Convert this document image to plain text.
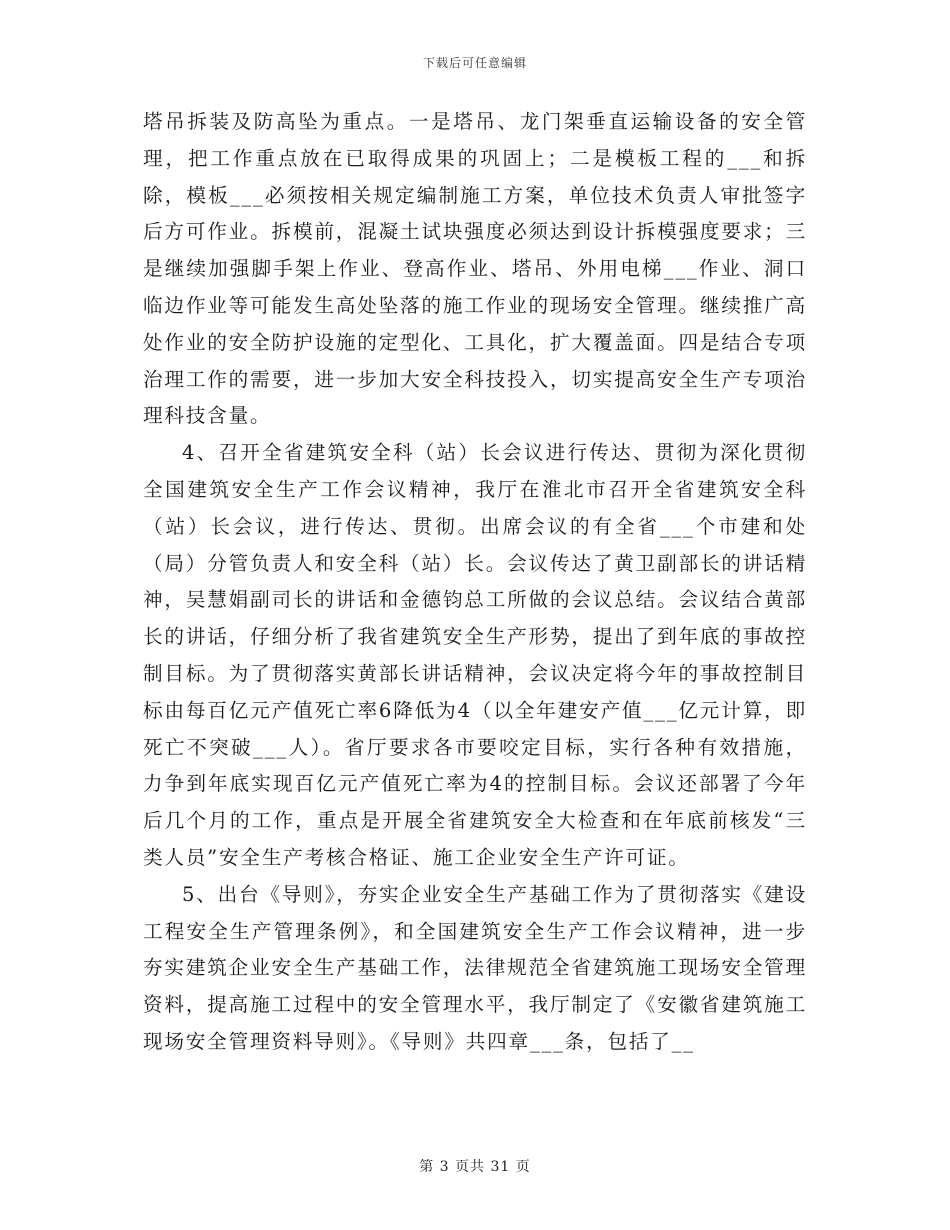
下载后可任意编辑

塔吊拆装及防高坠为重点。一是塔吊、龙门架垂直运输设备的安全管理，把工作重点放在已取得成果的巩固上；二是模板工程的___和拆除，模板___必须按相关规定编制施工方案，单位技术负责人审批签字后方可作业。拆模前，混凝土试块强度必须达到设计拆模强度要求；三是继续加强脚手架上作业、登高作业、塔吊、外用电梯___作业、洞口临边作业等可能发生高处坠落的施工作业的现场安全管理。继续推广高处作业的安全防护设施的定型化、工具化，扩大覆盖面。四是结合专项治理工作的需要，进一步加大安全科技投入，切实提高安全生产专项治理科技含量。

4、召开全省建筑安全科（站）长会议进行传达、贯彻为深化贯彻全国建筑安全生产工作会议精神，我厅在淮北市召开全省建筑安全科（站）长会议，进行传达、贯彻。出席会议的有全省___个市建和处（局）分管负责人和安全科（站）长。会议传达了黄卫副部长的讲话精神，吴慧娟副司长的讲话和金德钧总工所做的会议总结。会议结合黄部长的讲话，仔细分析了我省建筑安全生产形势，提出了到年底的事故控制目标。为了贯彻落实黄部长讲话精神，会议决定将今年的事故控制目标由每百亿元产值死亡率6降低为4（以全年建安产值___亿元计算，即死亡不突破___人）。省厅要求各市要咬定目标，实行各种有效措施，力争到年底实现百亿元产值死亡率为4的控制目标。会议还部署了今年后几个月的工作，重点是开展全省建筑安全大检查和在年底前核发“三类人员”安全生产考核合格证、施工企业安全生产许可证。

5、出台《导则》，夯实企业安全生产基础工作为了贯彻落实《建设工程安全生产管理条例》，和全国建筑安全生产工作会议精神，进一步夯实建筑企业安全生产基础工作，法律规范全省建筑施工现场安全管理资料，提高施工过程中的安全管理水平，我厅制定了《安徽省建筑施工现场安全管理资料导则》。《导则》共四章___条，包括了__

第 3 页共 31 页
